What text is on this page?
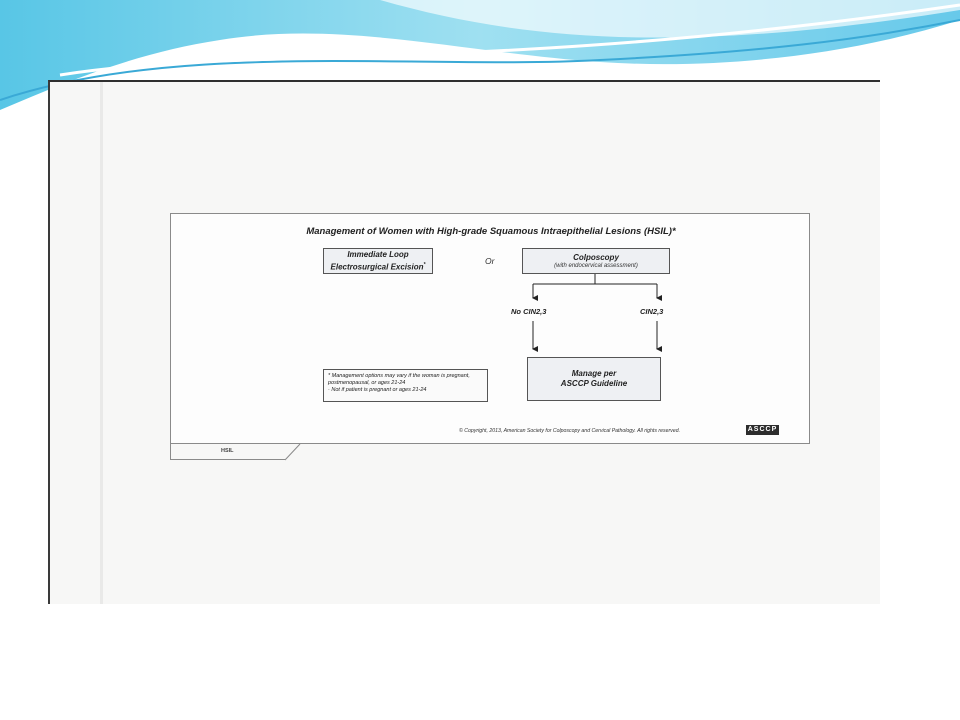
Management of Women with High-grade Squamous Intraepithelial Lesions (HSIL)*
Immediate Loop Electrosurgical Excision*	Or	Colposcopy
(with endocervical assessment)
No CIN2,3	CIN2,3
Manage per
ASCCP Guideline
* Management options may vary if the woman is pregnant, postmenopausal, or ages 21-24
· Not if patient is pregnant or ages 21-24
© Copyright, 2013, American Society for Colposcopy and Cervical Pathology. All rights reserved.	ASCCP
HSIL
